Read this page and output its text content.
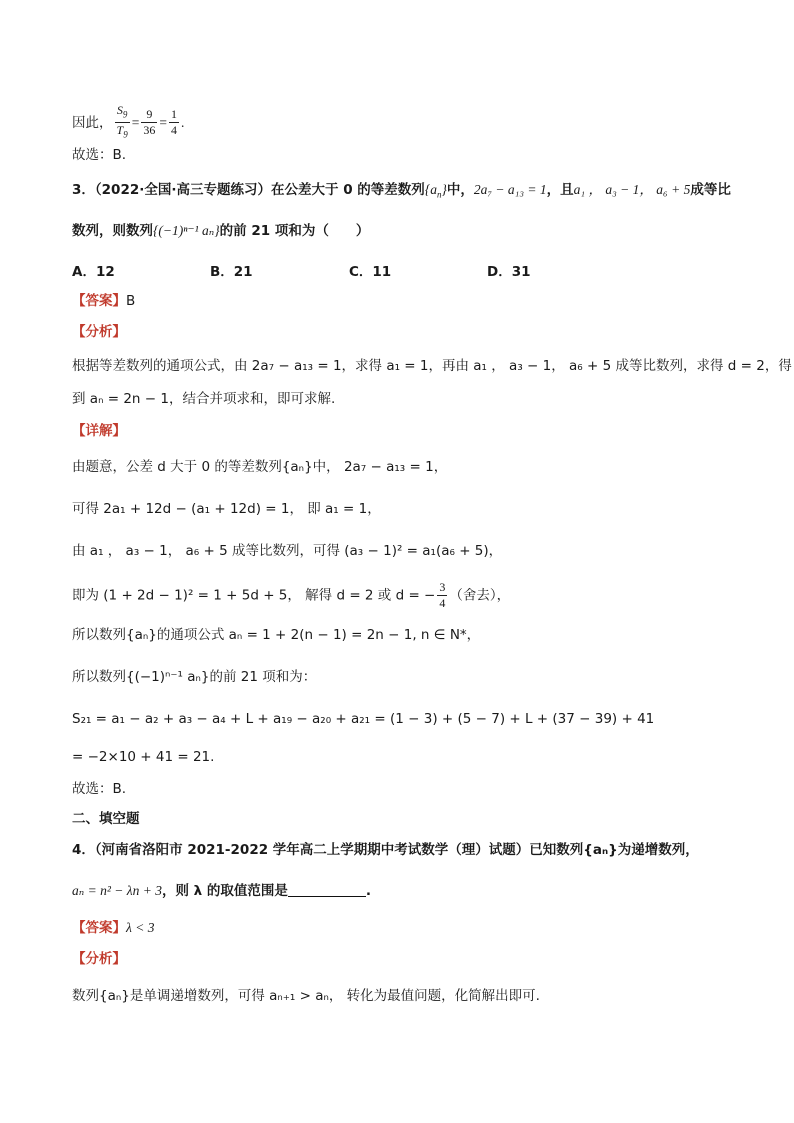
因此， $\frac{S_9}{T_9} = \frac{9}{36} = \frac{1}{4}$ .
故选：B.
3．（2022·全国·高三专题练习）在公差大于 0 的等差数列$\{a_n\}$中，2a₇ − a₁₃ = 1，且a₁ ， a₃ − 1， a₆ + 5成等比
数列，则数列{(−1)ⁿ⁻¹ aₙ}的前 21 项和为（　　）
A．12	B．21	C．11	D．31
【答案】B
【分析】
根据等差数列的通项公式，由 2a₇ − a₁₃ = 1，求得 a₁ = 1，再由 a₁ ， a₃ − 1， a₆ + 5 成等比数列，求得 d = 2，得
到 aₙ = 2n − 1，结合并项求和，即可求解.
【详解】
由题意，公差 d 大于 0 的等差数列{aₙ}中， 2a₇ − a₁₃ = 1，
可得 2a₁ + 12d − (a₁ + 12d) = 1， 即 a₁ = 1，
由 a₁ ， a₃ − 1， a₆ + 5 成等比数列，可得 (a₃ − 1)² = a₁(a₆ + 5)，
即为 (1 + 2d − 1)² = 1 + 5d + 5， 解得 d = 2 或 d = − $\frac{3}{4}$ （舍去），
所以数列{aₙ}的通项公式 aₙ = 1 + 2(n − 1) = 2n − 1, n ∈ N*，
所以数列{(−1)ⁿ⁻¹ aₙ}的前 21 项和为：
S₂₁ = a₁ − a₂ + a₃ − a₄ + L + a₁₉ − a₂₀ + a₂₁ = (1 − 3) + (5 − 7) + L + (37 − 39) + 41
= −2×10 + 41 = 21.
故选：B.
二、填空题
4．（河南省洛阳市 2021-2022 学年高二上学期期中考试数学（理）试题）已知数列{aₙ}为递增数列，
aₙ = n² − λn + 3，则 λ 的取值范围是	.
【答案】λ < 3
【分析】
数列{aₙ}是单调递增数列，可得 aₙ₊₁ > aₙ， 转化为最值问题，化简解出即可.
